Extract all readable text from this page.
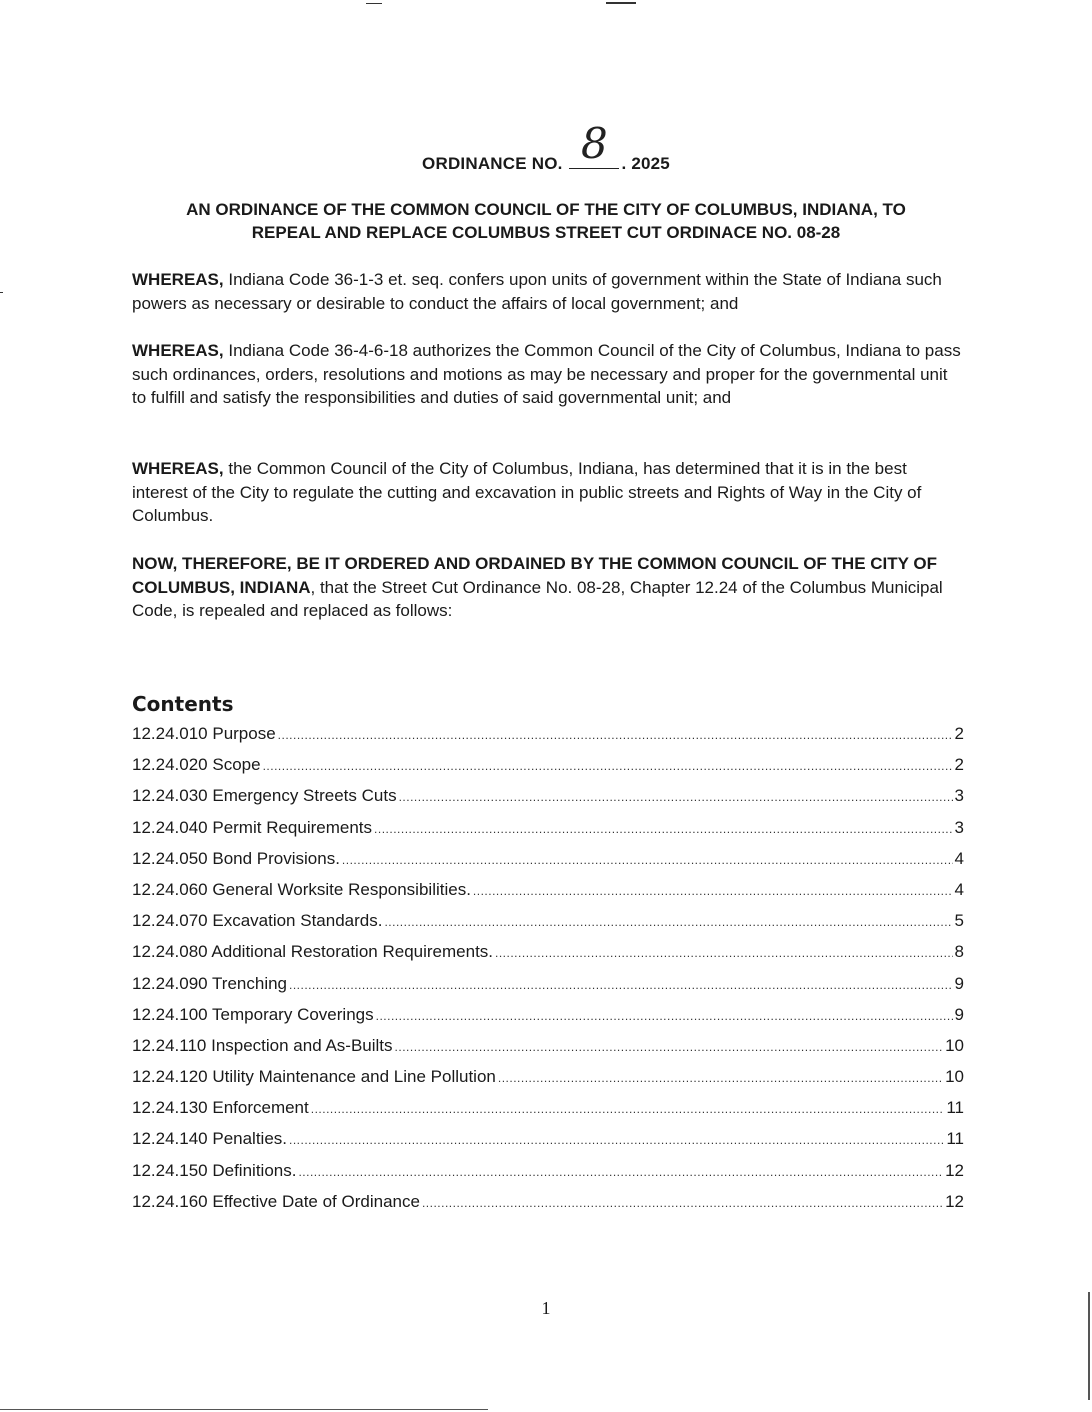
ORDINANCE NO. 8 . 2025
AN ORDINANCE OF THE COMMON COUNCIL OF THE CITY OF COLUMBUS, INDIANA, TO
REPEAL AND REPLACE COLUMBUS STREET CUT ORDINACE NO. 08-28

WHEREAS, Indiana Code 36-1-3 et. seq. confers upon units of government within the State of Indiana such powers as necessary or desirable to conduct the affairs of local government; and

WHEREAS, Indiana Code 36-4-6-18 authorizes the Common Council of the City of Columbus, Indiana to pass such ordinances, orders, resolutions and motions as may be necessary and proper for the governmental unit to fulfill and satisfy the responsibilities and duties of said governmental unit; and

WHEREAS, the Common Council of the City of Columbus, Indiana, has determined that it is in the best interest of the City to regulate the cutting and excavation in public streets and Rights of Way in the City of Columbus.

NOW, THEREFORE, BE IT ORDERED AND ORDAINED BY THE COMMON COUNCIL OF THE CITY OF COLUMBUS, INDIANA, that the Street Cut Ordinance No. 08-28, Chapter 12.24 of the Columbus Municipal Code, is repealed and replaced as follows:

Contents
12.24.010 Purpose .....	2
12.24.020 Scope .....	2
12.24.030 Emergency Streets Cuts .....	3
12.24.040 Permit Requirements .....	3
12.24.050 Bond Provisions. .....	4
12.24.060 General Worksite Responsibilities. .....	4
12.24.070 Excavation Standards. .....	5
12.24.080 Additional Restoration Requirements. .....	8
12.24.090 Trenching .....	9
12.24.100 Temporary Coverings .....	9
12.24.110 Inspection and As-Builts .....	10
12.24.120 Utility Maintenance and Line Pollution .....	10
12.24.130 Enforcement .....	11
12.24.140 Penalties. .....	11
12.24.150 Definitions. .....	12
12.24.160 Effective Date of Ordinance .....	12
1
